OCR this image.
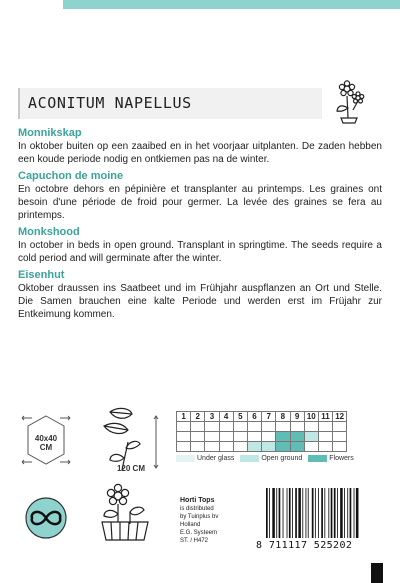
ACONITUM NAPELLUS
Monnikskap

In oktober buiten op een zaaibed en in het voorjaar uitplanten. De zaden hebben een koude periode nodig en ontkiemen pas na de winter.

Capuchon de moine

En octobre dehors en pépinière et transplanter au printemps. Les graines ont besoin d'une période de froid pour germer. La levée des graines se fera au printemps.

Monkshood

In october in beds in open ground. Transplant in springtime. The seeds require a cold period and will germinate after the winter.

Eisenhut

Oktober draussen ins Saatbeet und im Frühjahr auspflanzen an Ort und Stelle. Die Samen brauchen eine kalte Periode und werden erst im Früjahr zur Entkeimung kommen.

40x40
CM
120 CM
1	2	3	4	5	6	7	8	9	10	11	12

Under glass	Open ground	Flowers
Horti Tops
is distributed
by Tuinplus bv
Holland
E.G. Systeem
ST. / H472	8 711117 525202
